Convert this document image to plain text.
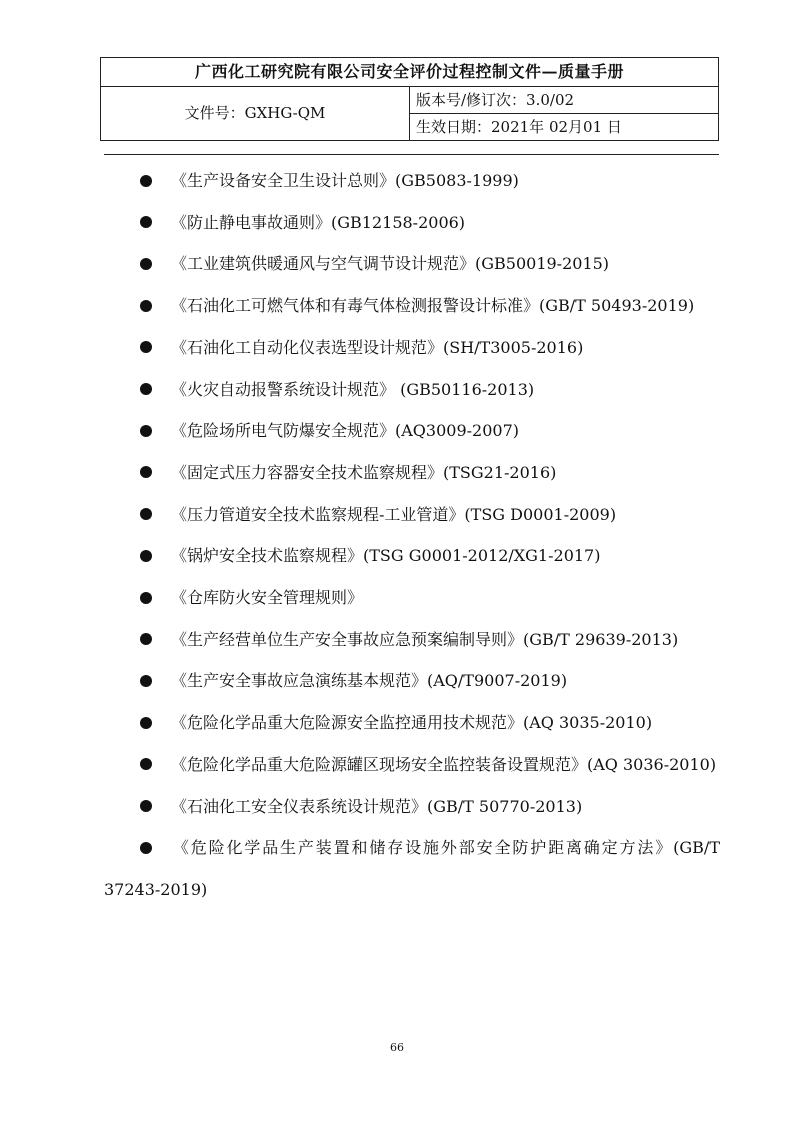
广西化工研究院有限公司安全评价过程控制文件—质量手册
文件号：GXHG-QM	版本号/修订次：3.0/02
生效日期：2021年 02月01 日
《生产设备安全卫生设计总则》(GB5083-1999)
《防止静电事故通则》(GB12158-2006)
《工业建筑供暖通风与空气调节设计规范》(GB50019-2015)
《石油化工可燃气体和有毒气体检测报警设计标准》(GB/T 50493-2019)
《石油化工自动化仪表选型设计规范》(SH/T3005-2016)
《火灾自动报警系统设计规范》 (GB50116-2013)
《危险场所电气防爆安全规范》(AQ3009-2007)
《固定式压力容器安全技术监察规程》(TSG21-2016)
《压力管道安全技术监察规程-工业管道》(TSG D0001-2009)
《锅炉安全技术监察规程》(TSG G0001-2012/XG1-2017)
《仓库防火安全管理规则》
《生产经营单位生产安全事故应急预案编制导则》(GB/T 29639-2013)
《生产安全事故应急演练基本规范》(AQ/T9007-2019)
《危险化学品重大危险源安全监控通用技术规范》(AQ 3035-2010)
《危险化学品重大危险源罐区现场安全监控装备设置规范》(AQ 3036-2010)
《石油化工安全仪表系统设计规范》(GB/T 50770-2013)
《危险化学品生产装置和储存设施外部安全防护距离确定方法》(GB/T 37243-2019)
66
